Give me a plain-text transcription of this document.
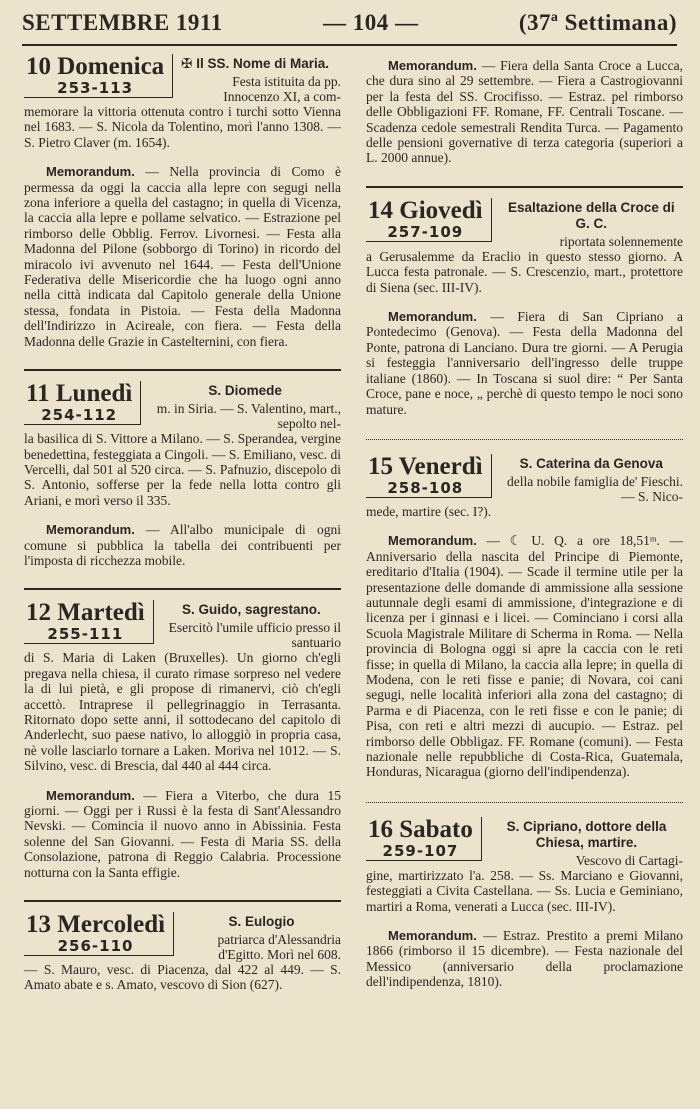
SETTEMBRE 1911	— 104 —	(37ª Settimana)
10 Domenica
253-113
✠ Il SS. Nome di Maria.
Festa istituita da pp. Innocenzo XI, a com-

memorare la vittoria ottenuta contro i turchi sotto Vienna nel 1683. — S. Nicola da Tolentino, morì l'anno 1308. — S. Pietro Claver (m. 1654).

Memorandum. — Nella provincia di Como è permessa da oggi la caccia alla lepre con segugi nella zona inferiore a quella del castagno; in quella di Vicenza, la caccia alla lepre e pollame selvatico. — Estrazione pel rimborso delle Obblig. Ferrov. Livornesi. — Festa alla Madonna del Pilone (sobborgo di Torino) in ricordo del miracolo ivi avvenuto nel 1644. — Festa dell'Unione Federativa delle Misericordie che ha luogo ogni anno nella città indicata dal Capitolo generale della Unione stessa, fondata in Pistoia. — Festa della Madonna dell'Indirizzo in Acireale, con fiera. — Festa della Madonna delle Grazie in Castelternini, con fiera.

11 Lunedì
254-112
S. Diomede
m. in Siria. — S. Valentino, mart., sepolto nel-

la basilica di S. Vittore a Milano. — S. Sperandea, vergine benedettina, festeggiata a Cingoli. — S. Emiliano, vesc. di Vercelli, dal 501 al 520 circa. — S. Pafnuzio, discepolo di S. Antonio, sofferse per la fede nella lotta contro gli Ariani, e morì verso il 335.

Memorandum. — All'albo municipale di ogni comune si pubblica la tabella dei contribuenti per l'imposta di ricchezza mobile.

12 Martedì
255-111
S. Guido, sagrestano.
Esercitò l'umile ufficio presso il santuario

di S. Maria di Laken (Bruxelles). Un giorno ch'egli pregava nella chiesa, il curato rimase sorpreso nel vedere la di lui pietà, e gli propose di rimanervi, ciò ch'egli accettò. Intraprese il pellegrinaggio in Terrasanta. Ritornato dopo sette anni, il sottodecano del capitolo di Anderlecht, suo paese nativo, lo alloggiò in propria casa, nè volle lasciarlo tornare a Laken. Moriva nel 1012. — S. Silvino, vesc. di Brescia, dal 440 al 444 circa.

Memorandum. — Fiera a Viterbo, che dura 15 giorni. — Oggi per i Russi è la festa di Sant'Alessandro Nevski. — Comincia il nuovo anno in Abissinia. Festa solenne del San Giovanni. — Festa di Maria SS. della Consolazione, patrona di Reggio Calabria. Processione notturna con la Santa effigie.

13 Mercoledì
256-110
S. Eulogio
patriarca d'Alessandria d'Egitto. Morì nel 608.

— S. Mauro, vesc. di Piacenza, dal 422 al 449. — S. Amato abate e s. Amato, vescovo di Sion (627).

Memorandum. — Fiera della Santa Croce a Lucca, che dura sino al 29 settembre. — Fiera a Castrogiovanni per la festa del SS. Crocifisso. — Estraz. pel rimborso delle Obbligazioni FF. Romane, FF. Centrali Toscane. — Scadenza cedole semestrali Rendita Turca. — Pagamento delle pensioni governative di terza categoria (superiori a L. 2000 annue).

14 Giovedì
257-109
Esaltazione della Croce di G. C.
riportata solennemente

a Gerusalemme da Eraclio in questo stesso giorno. A Lucca festa patronale. — S. Crescenzio, mart., protettore di Siena (sec. III-IV).

Memorandum. — Fiera di San Cipriano a Pontedecimo (Genova). — Festa della Madonna del Ponte, patrona di Lanciano. Dura tre giorni. — A Perugia si festeggia l'anniversario dell'ingresso delle truppe italiane (1860). — In Toscana si suol dire: “ Per Santa Croce, pane e noce, „ perchè di questo tempo le noci sono mature.

15 Venerdì
258-108
S. Caterina da Genova
della nobile famiglia de' Fieschi. — S. Nico-

mede, martire (sec. I?).

Memorandum. — ☾ U. Q. a ore 18,51ᵐ. — Anniversario della nascita del Principe di Piemonte, ereditario d'Italia (1904). — Scade il termine utile per la presentazione delle domande di ammissione alla sessione autunnale degli esami di ammissione, d'integrazione e di licenza per i ginnasi e i licei. — Cominciano i corsi alla Scuola Magistrale Militare di Scherma in Roma. — Nella provincia di Bologna oggi si apre la caccia con le reti fisse; in quella di Milano, la caccia alla lepre; in quella di Modena, con le reti fisse e panie; di Novara, coi cani segugi, nelle località inferiori alla zona del castagno; di Parma e di Piacenza, con le reti fisse e con le panie; di Pisa, con reti e altri mezzi di aucupio. — Estraz. pel rimborso delle Obbligaz. FF. Romane (comuni). — Festa nazionale nelle repubbliche di Costa-Rica, Guatemala, Honduras, Nicaragua (giorno dell'indipendenza).

16 Sabato
259-107
S. Cipriano, dottore della Chiesa, martire.
Vescovo di Cartagi-

gine, martirizzato l'a. 258. — Ss. Marciano e Giovanni, festeggiati a Civita Castellana. — Ss. Lucia e Geminiano, martiri a Roma, venerati a Lucca (sec. III-IV).

Memorandum. — Estraz. Prestito a premi Milano 1866 (rimborso il 15 dicembre). — Festa nazionale del Messico (anniversario della proclamazione dell'indipendenza, 1810).
